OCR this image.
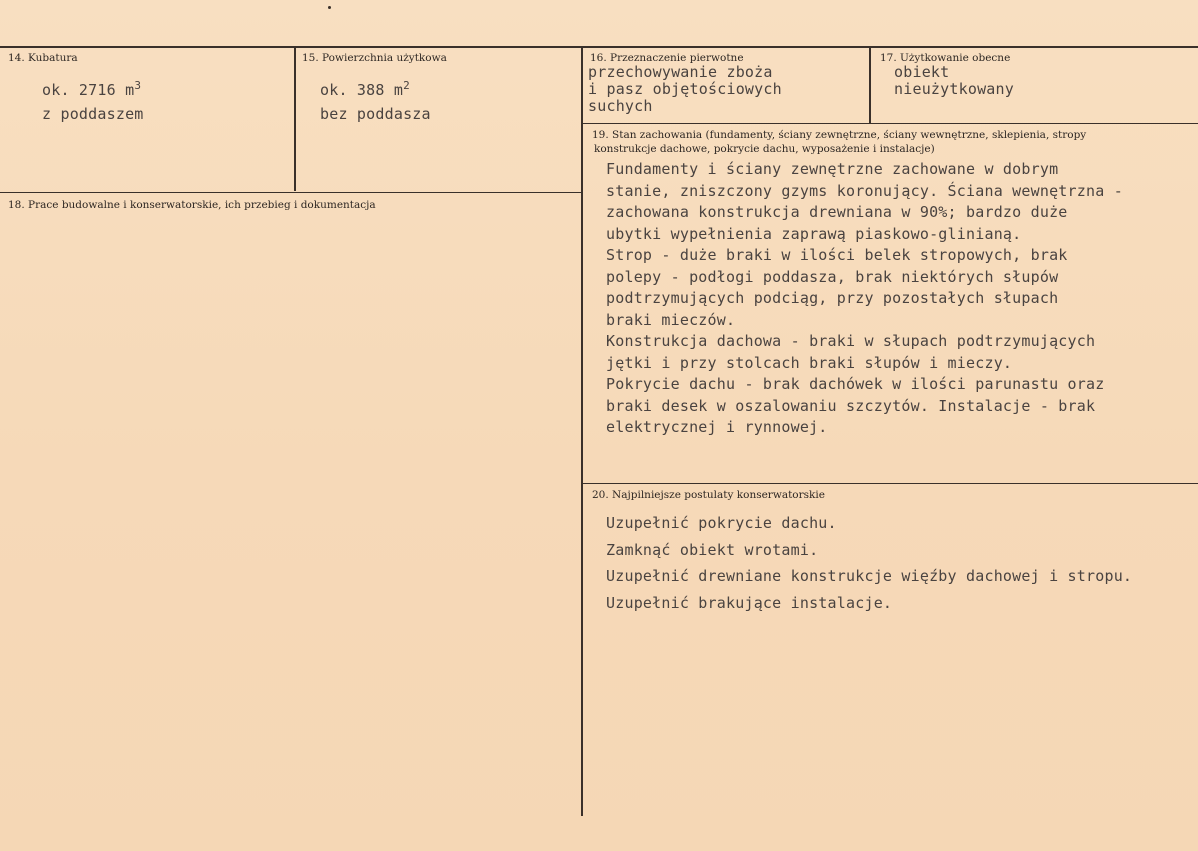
14. Kubatura
ok. 2716 $m^3$
z poddaszem
15. Powierzchnia użytkowa
ok. 388 $m^2$
bez poddasza
16. Przeznaczenie pierwotne
przechowywanie zboża
i pasz objętościowych
suchych
17. Użytkowanie obecne
obiekt
nieużytkowany
18. Prace budowalne i konserwatorskie, ich przebieg i dokumentacja
19. Stan zachowania (fundamenty, ściany zewnętrzne, ściany wewnętrzne, sklepienia, stropy
konstrukcje dachowe, pokrycie dachu, wyposażenie i instalacje)
Fundamenty i ściany zewnętrzne zachowane w dobrym
stanie, zniszczony gzyms koronujący. Ściana wewnętrzna -
zachowana konstrukcja drewniana w 90%; bardzo duże
ubytki wypełnienia zaprawą piaskowo-glinianą.
Strop - duże braki w ilości belek stropowych, brak
polepy - podłogi poddasza, brak niektórych słupów
podtrzymujących podciąg, przy pozostałych słupach
braki mieczów.
Konstrukcja dachowa - braki w słupach podtrzymujących
jętki i przy stolcach braki słupów i mieczy.
Pokrycie dachu - brak dachówek w ilości parunastu oraz
braki desek w oszalowaniu szczytów. Instalacje - brak
elektrycznej i rynnowej.
20. Najpilniejsze postulaty konserwatorskie
Uzupełnić pokrycie dachu.
Zamknąć obiekt wrotami.
Uzupełnić drewniane konstrukcje więźby dachowej i stropu.
Uzupełnić brakujące instalacje.
